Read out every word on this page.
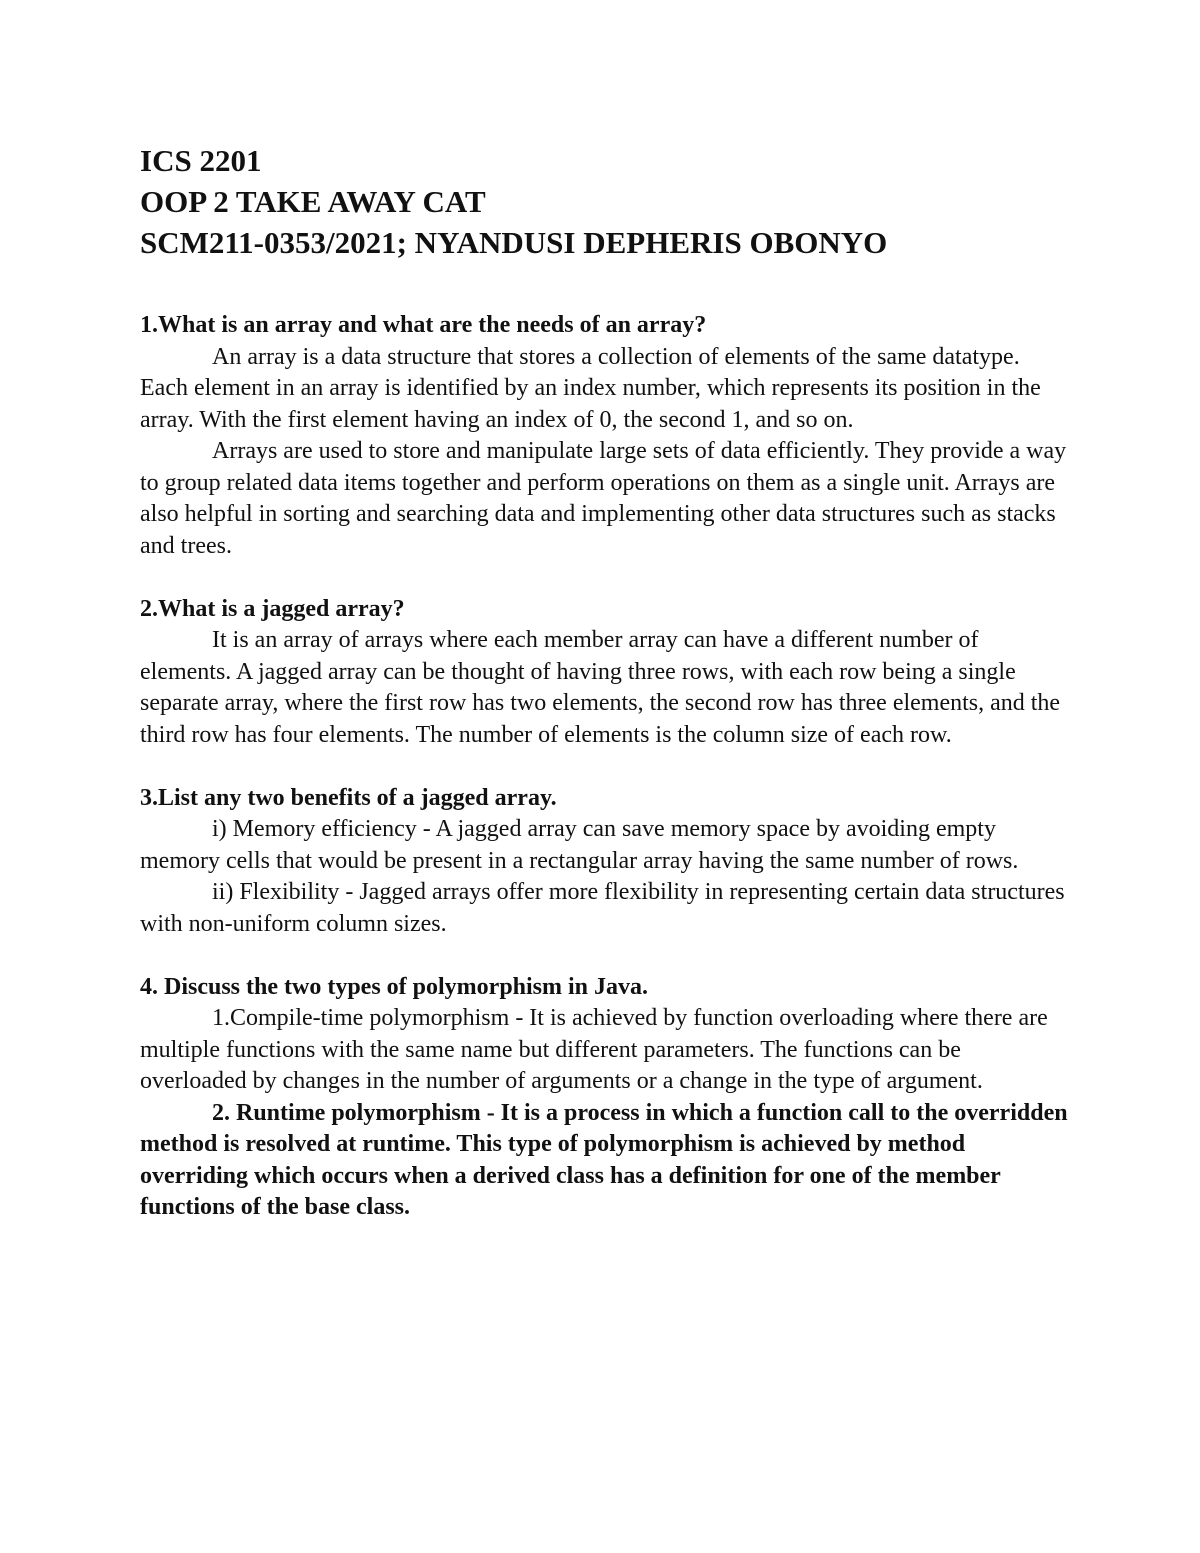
ICS 2201
OOP 2 TAKE AWAY CAT
SCM211-0353/2021; NYANDUSI DEPHERIS OBONYO

1.What is an array and what are the needs of an array?

An array is a data structure that stores a collection of elements of the same datatype. Each element in an array is identified by an index number, which represents its position in the array. With the first element having an index of 0, the second 1, and so on.

Arrays are used to store and manipulate large sets of data efficiently. They provide a way to group related data items together and perform operations on them as a single unit. Arrays are also helpful in sorting and searching data and implementing other data structures such as stacks and trees.

2.What is a jagged array?

It is an array of arrays where each member array can have a different number of elements. A jagged array can be thought of having three rows, with each row being a single separate array, where the first row has two elements, the second row has three elements, and the third row has four elements. The number of elements is the column size of each row.

3.List any two benefits of a jagged array.

i) Memory efficiency - A jagged array can save memory space by avoiding empty memory cells that would be present in a rectangular array having the same number of rows.

ii) Flexibility - Jagged arrays offer more flexibility in representing certain data structures with non-uniform column sizes.

4. Discuss the two types of polymorphism in Java.

1.Compile-time polymorphism - It is achieved by function overloading where there are multiple functions with the same name but different parameters. The functions can be overloaded by changes in the number of arguments or a change in the type of argument.

2. Runtime polymorphism - It is a process in which a function call to the overridden method is resolved at runtime. This type of polymorphism is achieved by method overriding which occurs when a derived class has a definition for one of the member functions of the base class.
